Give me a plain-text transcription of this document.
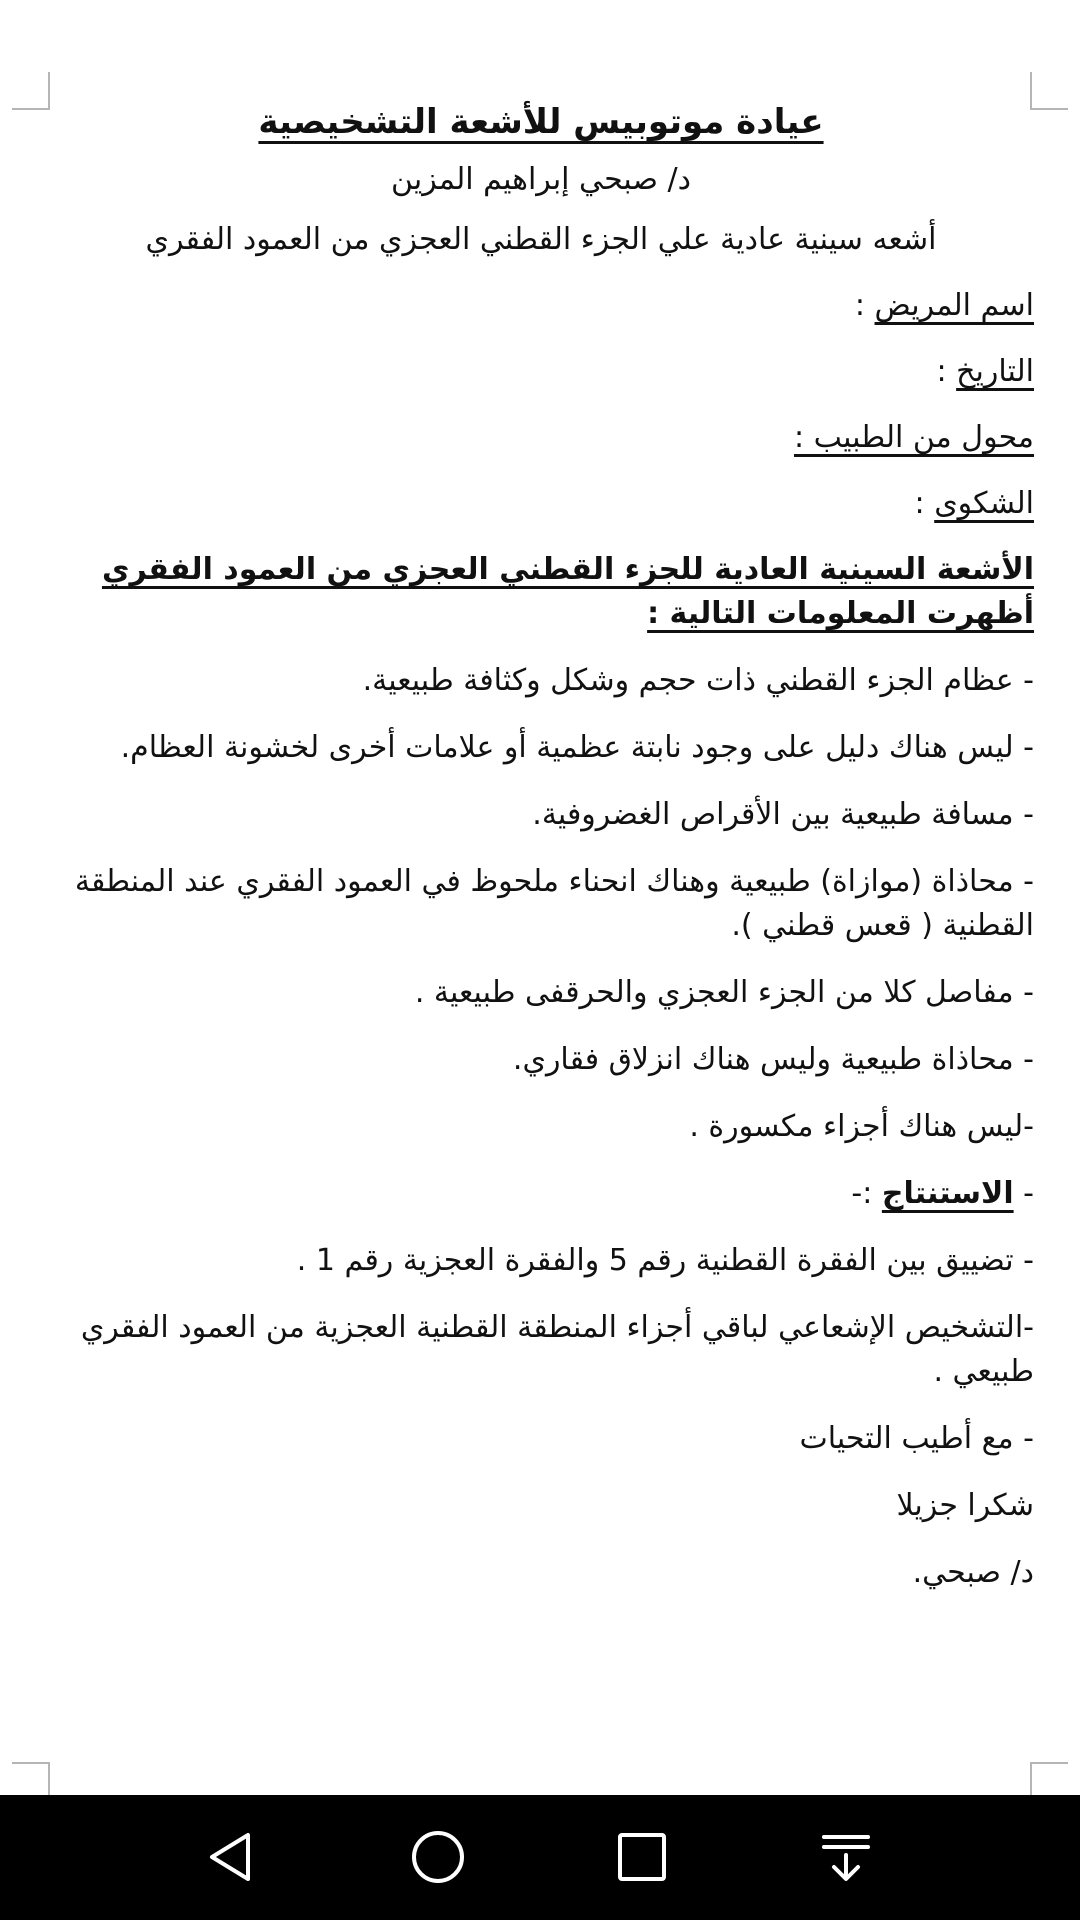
عيادة موتوبيس للأشعة التشخيصية

د/ صبحي إبراهيم المزين

أشعه سينية عادية علي الجزء القطني العجزي من العمود الفقري

اسم المريض :

التاريخ :

محول من الطبيب :

الشكوى :

الأشعة السينية العادية للجزء القطني العجزي من العمود الفقري أظهرت المعلومات التالية :

- عظام الجزء القطني ذات حجم وشكل وكثافة طبيعية.

- ليس هناك دليل على وجود نابتة عظمية أو علامات أخرى لخشونة العظام.

- مسافة طبيعية بين الأقراص الغضروفية.

- محاذاة (موازاة) طبيعية وهناك انحناء ملحوظ في العمود الفقري عند المنطقة القطنية ( قعس قطني ).

- مفاصل كلا من الجزء العجزي والحرقفى طبيعية .

- محاذاة طبيعية وليس هناك انزلاق فقاري.

-ليس هناك أجزاء مكسورة .

- الاستنتاج :-

- تضييق بين الفقرة القطنية رقم 5 والفقرة العجزية رقم 1 .

-التشخيص الإشعاعي لباقي أجزاء المنطقة القطنية العجزية من العمود الفقري طبيعي .

- مع أطيب التحيات

شكرا جزيلا

د/ صبحي.
